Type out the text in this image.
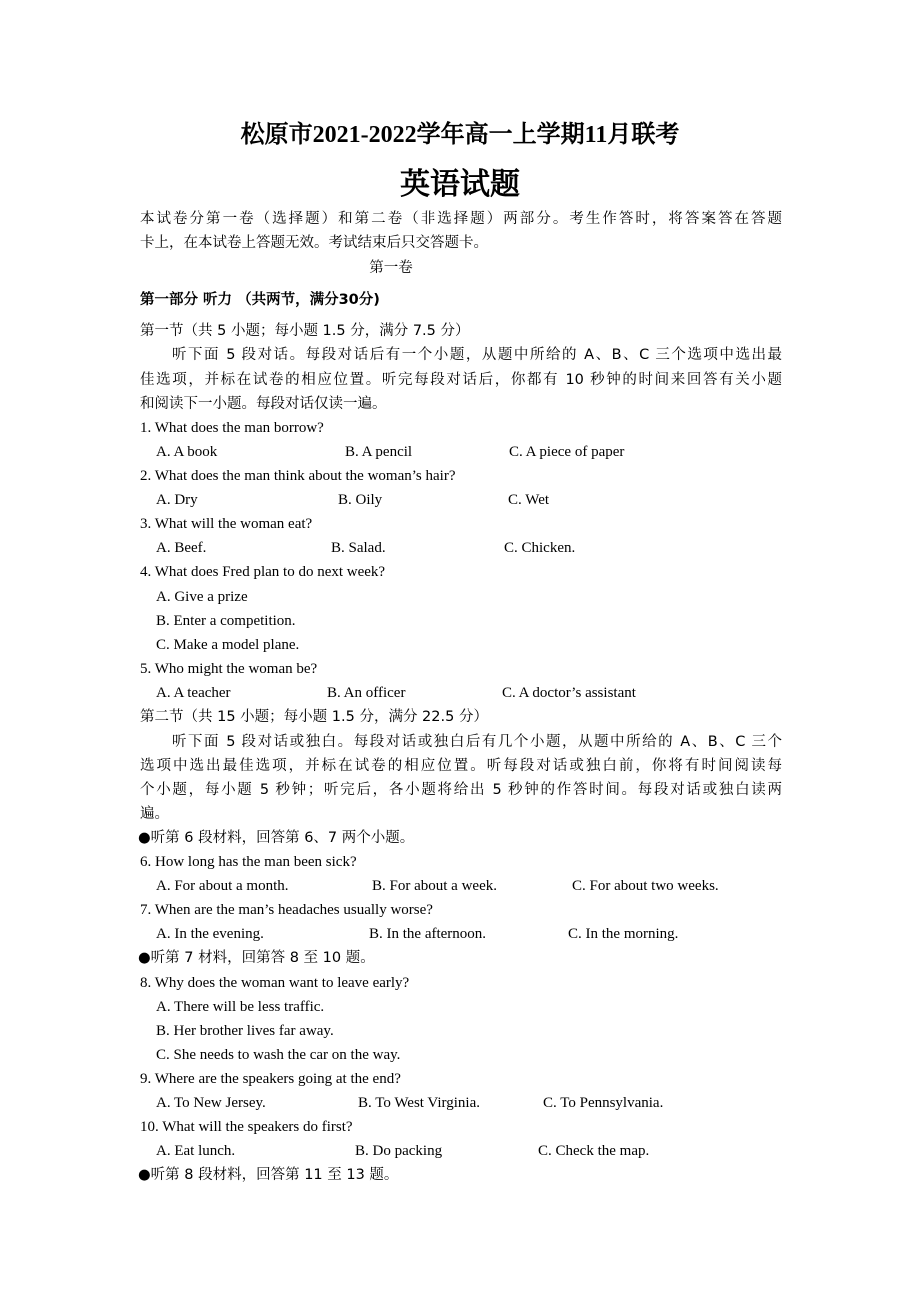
松原市2021-2022学年高一上学期11月联考
英语试题
本试卷分第一卷（选择题）和第二卷（非选择题）两部分。考生作答时，将答案答在答题
卡上，在本试卷上答题无效。考试结束后只交答题卡。
第一卷
第一部分 听力 （共两节，满分30分)
第一节（共 5 小题；每小题 1.5 分，满分 7.5 分）
听下面 5 段对话。每段对话后有一个小题，从题中所给的 A、B、C 三个选项中选出最
佳选项，并标在试卷的相应位置。听完每段对话后，你都有 10 秒钟的时间来回答有关小题
和阅读下一小题。每段对话仅读一遍。
1. What does the man borrow?
A. A book	B. A pencil	C. A piece of paper
2. What does the man think about the woman’s hair?
A. Dry	B. Oily	C. Wet
3. What will the woman eat?
A. Beef.	B. Salad.	C. Chicken.
4. What does Fred plan to do next week?
A. Give a prize
B. Enter a competition.
C. Make a model plane.
5. Who might the woman be?
A. A teacher	B. An officer	C. A doctor’s assistant
第二节（共 15 小题；每小题 1.5 分，满分 22.5 分）
听下面 5 段对话或独白。每段对话或独白后有几个小题，从题中所给的 A、B、C 三个
选项中选出最佳选项，并标在试卷的相应位置。听每段对话或独白前，你将有时间阅读每
个小题，每小题 5 秒钟；听完后，各小题将给出 5 秒钟的作答时间。每段对话或独白读两
遍。
●听第 6 段材料，回答第 6、7 两个小题。
6. How long has the man been sick?
A. For about a month.	B. For about a week.	C. For about two weeks.
7. When are the man’s headaches usually worse?
A. In the evening.	B. In the afternoon.	C. In the morning.
●听第 7 材料，回第答 8 至 10 题。
8. Why does the woman want to leave early?
A. There will be less traffic.
B. Her brother lives far away.
C. She needs to wash the car on the way.
9. Where are the speakers going at the end?
A. To New Jersey.	B. To West Virginia.	C. To Pennsylvania.
10. What will the speakers do first?
A. Eat lunch.	B. Do packing	C. Check the map.
●听第 8 段材料，回答第 11 至 13 题。
